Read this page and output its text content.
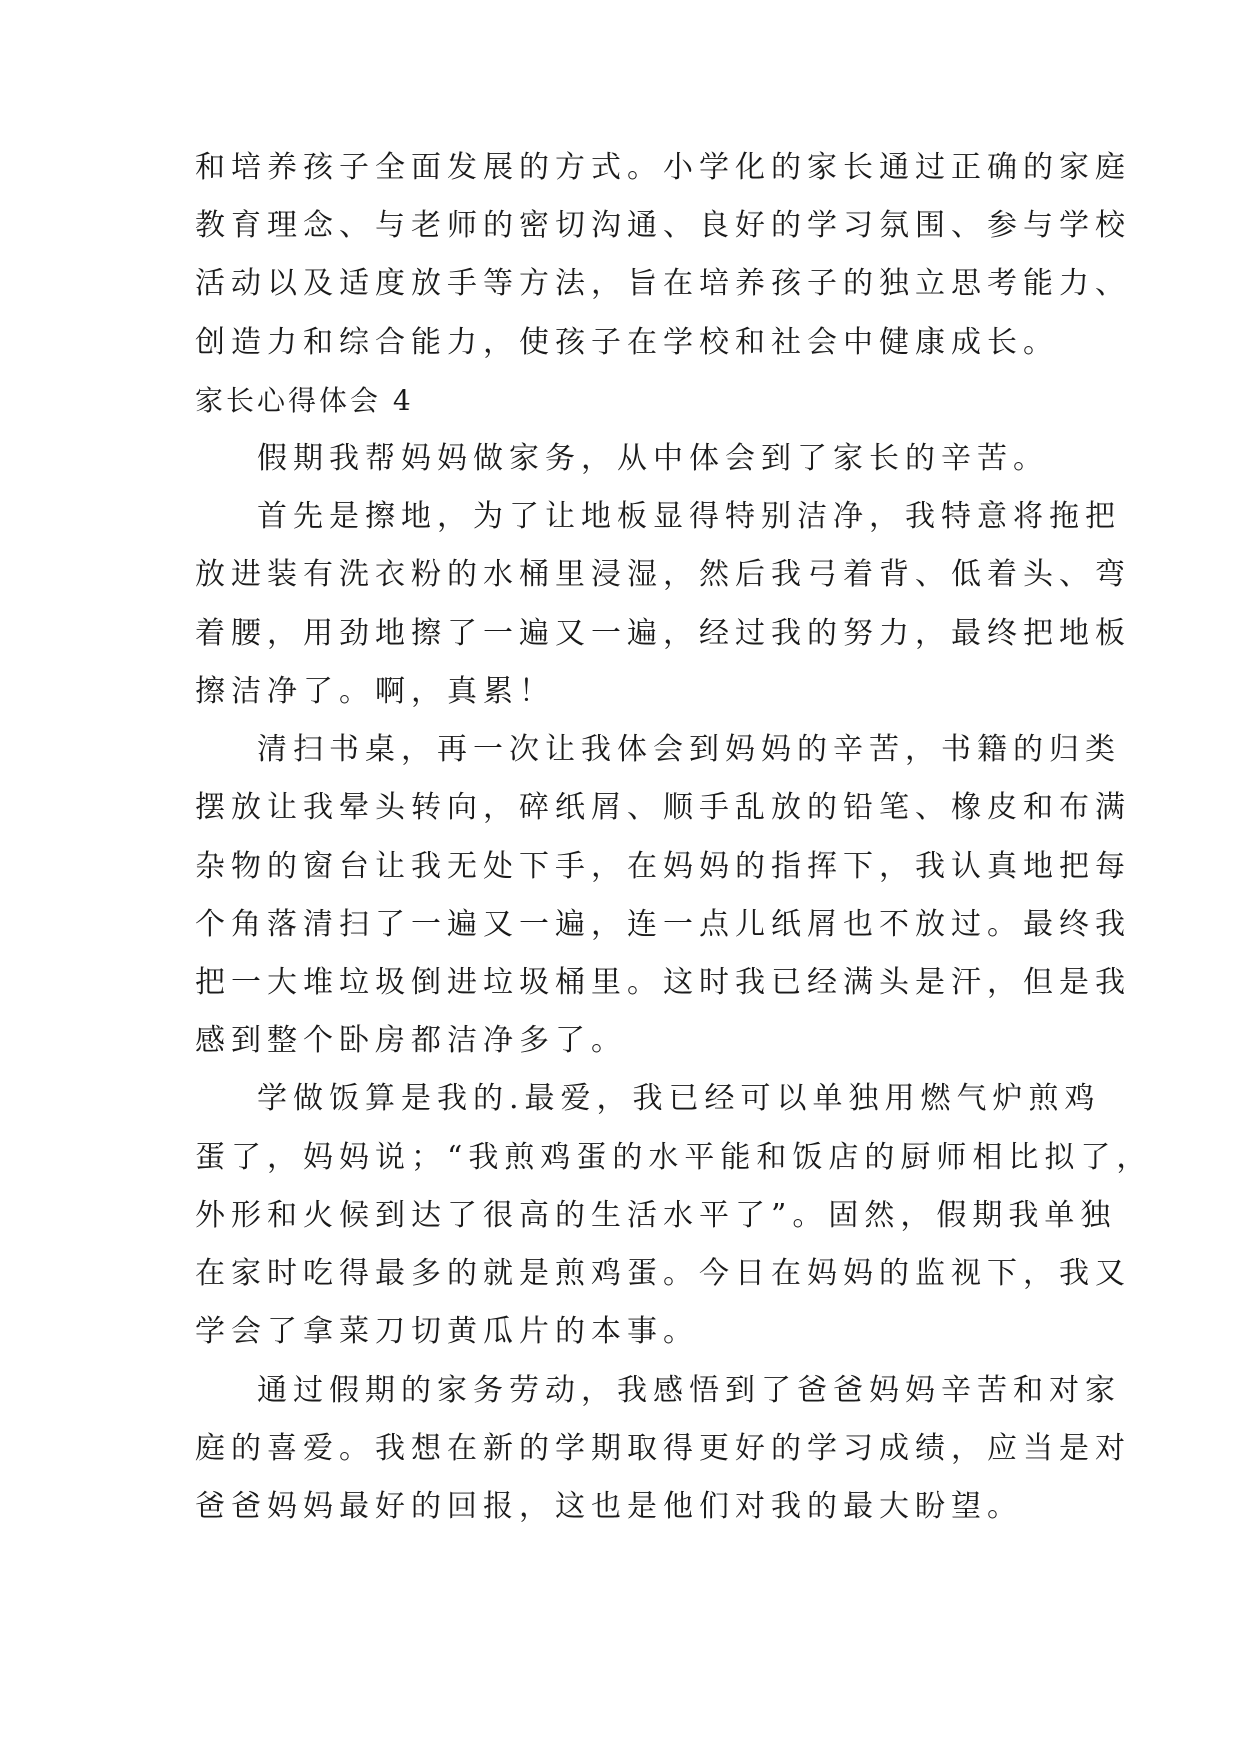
和培养孩子全面发展的方式。小学化的家长通过正确的家庭
教育理念、与老师的密切沟通、良好的学习氛围、参与学校
活动以及适度放手等方法，旨在培养孩子的独立思考能力、
创造力和综合能力，使孩子在学校和社会中健康成长。
家长心得体会 4
假期我帮妈妈做家务，从中体会到了家长的辛苦。
首先是擦地，为了让地板显得特别洁净，我特意将拖把
放进装有洗衣粉的水桶里浸湿，然后我弓着背、低着头、弯
着腰，用劲地擦了一遍又一遍，经过我的努力，最终把地板
擦洁净了。啊，真累！
清扫书桌，再一次让我体会到妈妈的辛苦，书籍的归类
摆放让我晕头转向，碎纸屑、顺手乱放的铅笔、橡皮和布满
杂物的窗台让我无处下手，在妈妈的指挥下，我认真地把每
个角落清扫了一遍又一遍，连一点儿纸屑也不放过。最终我
把一大堆垃圾倒进垃圾桶里。这时我已经满头是汗，但是我
感到整个卧房都洁净多了。
学做饭算是我的.最爱，我已经可以单独用燃气炉煎鸡
蛋了，妈妈说；“我煎鸡蛋的水平能和饭店的厨师相比拟了，
外形和火候到达了很高的生活水平了”。固然，假期我单独
在家时吃得最多的就是煎鸡蛋。今日在妈妈的监视下，我又
学会了拿菜刀切黄瓜片的本事。
通过假期的家务劳动，我感悟到了爸爸妈妈辛苦和对家
庭的喜爱。我想在新的学期取得更好的学习成绩，应当是对
爸爸妈妈最好的回报，这也是他们对我的最大盼望。
